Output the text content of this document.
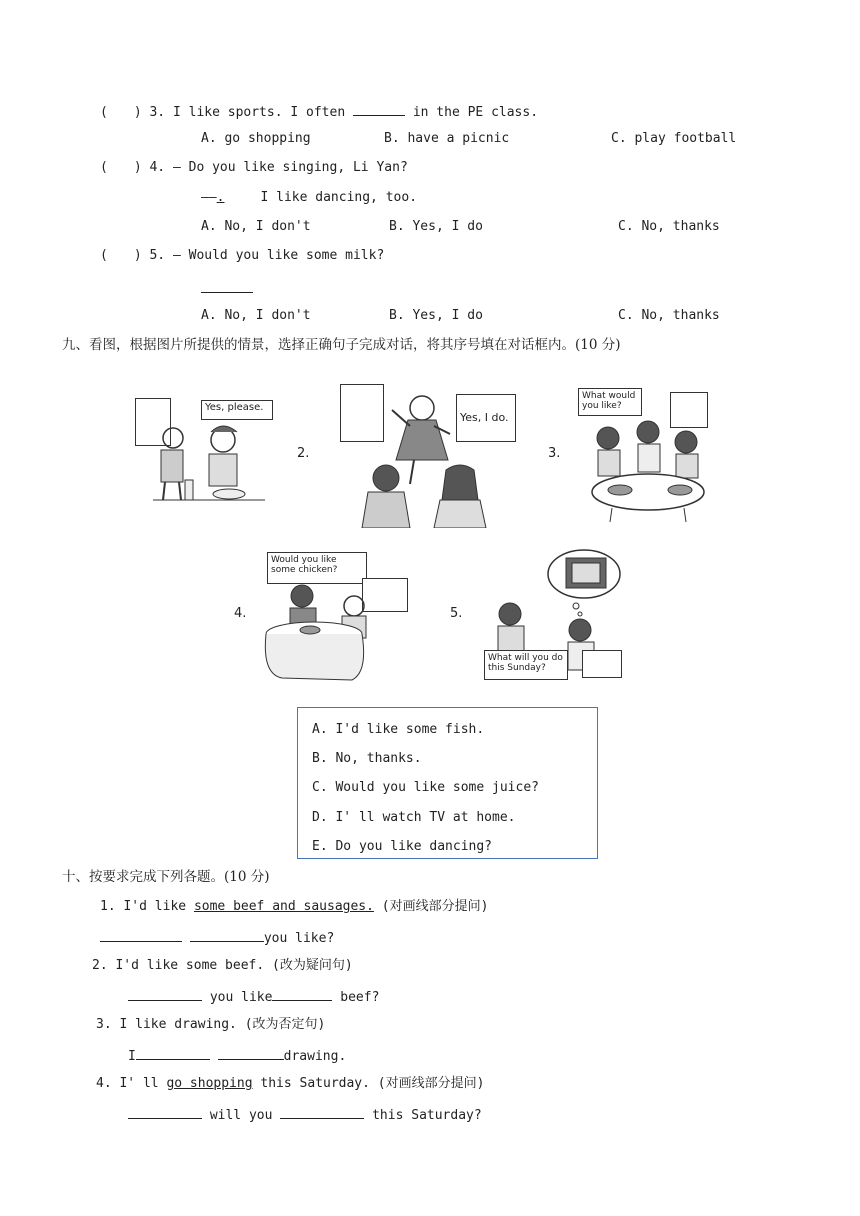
(　　) 3. I like sports. I often	in the PE class.
A. go shopping	B. have a picnic	C. play football
(　　) 4. — Do you like singing, Li Yan?
——.	I like dancing, too.
A. No, I don't	B. Yes, I do	C. No, thanks
(　　) 5. — Would you like some milk?
A. No, I don't	B. Yes, I do	C. No, thanks
九、看图，根据图片所提供的情景，选择正确句子完成对话，将其序号填在对话框内。(10 分)
Yes, please.
2.
Yes, I do.
3.
What would you like?
4.
Would you like some chicken?
5.
What will you do this Sunday?
A. I'd like some fish.
B. No, thanks.
C. Would you like some juice?
D. I' ll watch TV at home.
E. Do you like dancing?
十、按要求完成下列各题。(10 分)
1. I'd like some beef and sausages. (对画线部分提问)
you like?
2. I'd like some beef. (改为疑问句)
you like	beef?
3. I like drawing. (改为否定句)
I	drawing.
4. I' ll go shopping this Saturday. (对画线部分提问)
will you	this Saturday?
